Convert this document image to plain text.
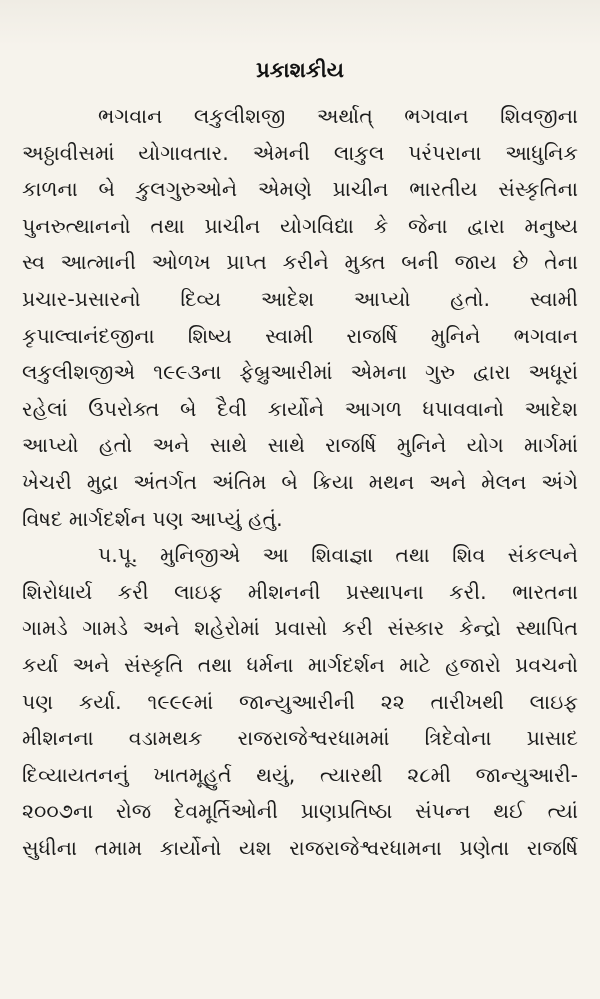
પ્રકાશકીય
ભગવાન લકુલીશજી અર્થાત્ ભગવાન શિવજીના
અઠ્ઠાવીસમાં યોગાવતાર. એમની લાકુલ પરંપરાના આધુનિક
કાળના બે કુલગુરુઓને એમણે પ્રાચીન ભારતીય સંસ્કૃતિના
પુનરુત્થાનનો તથા પ્રાચીન યોગવિદ્યા કે જેના દ્વારા મનુષ્ય
સ્વ આત્માની ઓળખ પ્રાપ્ત કરીને મુક્ત બની જાય છે તેના
પ્રચાર-પ્રસારનો દિવ્ય આદેશ આપ્યો હતો. સ્વામી
કૃપાલ્વાનંદજીના શિષ્ય સ્વામી રાજર્ષિ મુનિને ભગવાન
લકુલીશજીએ ૧૯૯૩ના ફેબ્રુઆરીમાં એમના ગુરુ દ્વારા અધૂરાં
રહેલાં ઉપરોક્ત બે દૈવી કાર્યોને આગળ ધપાવવાનો આદેશ
આપ્યો હતો અને સાથે સાથે રાજર્ષિ મુનિને યોગ માર્ગમાં
ખેચરી મુદ્રા અંતર્ગત અંતિમ બે ક્રિયા મથન અને મેલન અંગે
વિષદ માર્ગદર્શન પણ આપ્યું હતું.
પ.પૂ. મુનિજીએ આ શિવાજ્ઞા તથા શિવ સંકલ્પને
શિરોધાર્ય કરી લાઇફ મીશનની પ્રસ્થાપના કરી. ભારતના
ગામડે ગામડે અને શહેરોમાં પ્રવાસો કરી સંસ્કાર કેન્દ્રો સ્થાપિત
કર્યા અને સંસ્કૃતિ તથા ધર્મના માર્ગદર્શન માટે હજારો પ્રવચનો
પણ કર્યા. ૧૯૯૯માં જાન્યુઆરીની ૨૨ તારીખથી લાઇફ
મીશનના વડામથક રાજરાજેશ્વરધામમાં ત્રિદેવોના પ્રાસાદ
દિવ્યાયતનનું ખાતમૂહુર્ત થયું, ત્યારથી ૨૮મી જાન્યુઆરી-
૨૦૦૭ના રોજ દેવમૂર્તિઓની પ્રાણપ્રતિષ્ઠા સંપન્ન થઈ ત્યાં
સુધીના તમામ કાર્યોનો યશ રાજરાજેશ્વરધામના પ્રણેતા રાજર્ષિ
